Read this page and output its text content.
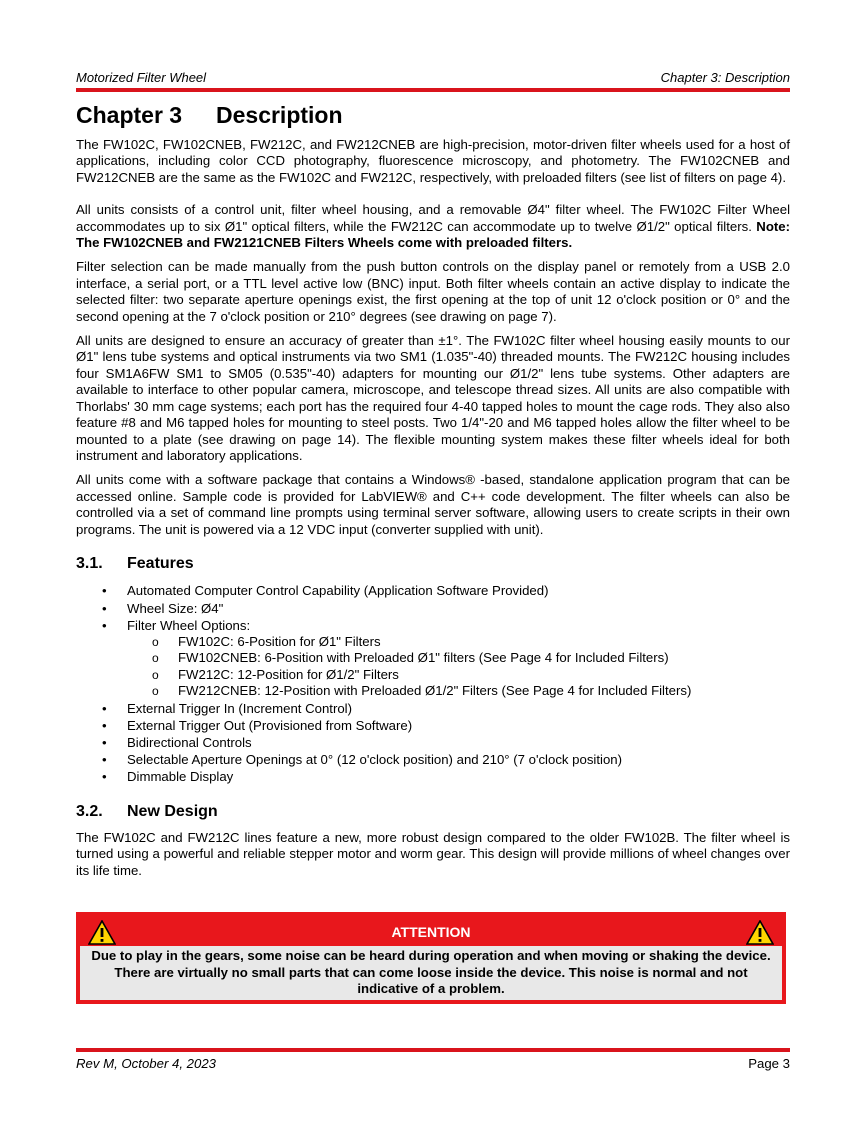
Motorized Filter Wheel	Chapter 3: Description
Chapter 3 Description

The FW102C, FW102CNEB, FW212C, and FW212CNEB are high-precision, motor-driven filter wheels used for a host of applications, including color CCD photography, fluorescence microscopy, and photometry. The FW102CNEB and FW212CNEB are the same as the FW102C and FW212C, respectively, with preloaded filters (see list of filters on page 4).

All units consists of a control unit, filter wheel housing, and a removable Ø4" filter wheel. The FW102C Filter Wheel accommodates up to six Ø1" optical filters, while the FW212C can accommodate up to twelve Ø1/2" optical filters. Note: The FW102CNEB and FW2121CNEB Filters Wheels come with preloaded filters.

Filter selection can be made manually from the push button controls on the display panel or remotely from a USB 2.0 interface, a serial port, or a TTL level active low (BNC) input. Both filter wheels contain an active display to indicate the selected filter: two separate aperture openings exist, the first opening at the top of unit 12 o'clock position or 0° and the second opening at the 7 o'clock position or 210° degrees (see drawing on page 7).

All units are designed to ensure an accuracy of greater than ±1°. The FW102C filter wheel housing easily mounts to our Ø1" lens tube systems and optical instruments via two SM1 (1.035"-40) threaded mounts. The FW212C housing includes four SM1A6FW SM1 to SM05 (0.535"-40) adapters for mounting our Ø1/2" lens tube systems. Other adapters are available to interface to other popular camera, microscope, and telescope thread sizes. All units are also compatible with Thorlabs' 30 mm cage systems; each port has the required four 4-40 tapped holes to mount the cage rods. They also also feature #8 and M6 tapped holes for mounting to steel posts. Two 1/4"-20 and M6 tapped holes allow the filter wheel to be mounted to a plate (see drawing on page 14). The flexible mounting system makes these filter wheels ideal for both instrument and laboratory applications.

All units come with a software package that contains a Windows® -based, standalone application program that can be accessed online. Sample code is provided for LabVIEW® and C++ code development. The filter wheels can also be controlled via a set of command line prompts using terminal server software, allowing users to create scripts in their own programs. The unit is powered via a 12 VDC input (converter supplied with unit).

3.1. Features
• Automated Computer Control Capability (Application Software Provided)
• Wheel Size: Ø4"
• Filter Wheel Options:
o FW102C: 6-Position for Ø1" Filters
o FW102CNEB: 6-Position with Preloaded Ø1" filters (See Page 4 for Included Filters)
o FW212C: 12-Position for Ø1/2" Filters
o FW212CNEB: 12-Position with Preloaded Ø1/2" Filters (See Page 4 for Included Filters)
• External Trigger In (Increment Control)
• External Trigger Out (Provisioned from Software)
• Bidirectional Controls
• Selectable Aperture Openings at 0° (12 o'clock position) and 210° (7 o'clock position)
• Dimmable Display
3.2. New Design

The FW102C and FW212C lines feature a new, more robust design compared to the older FW102B. The filter wheel is turned using a powerful and reliable stepper motor and worm gear. This design will provide millions of wheel changes over its life time.

ATTENTION
Due to play in the gears, some noise can be heard during operation and when moving or shaking the device. There are virtually no small parts that can come loose inside the device. This noise is normal and not indicative of a problem.
Rev M, October 4, 2023	Page 3
